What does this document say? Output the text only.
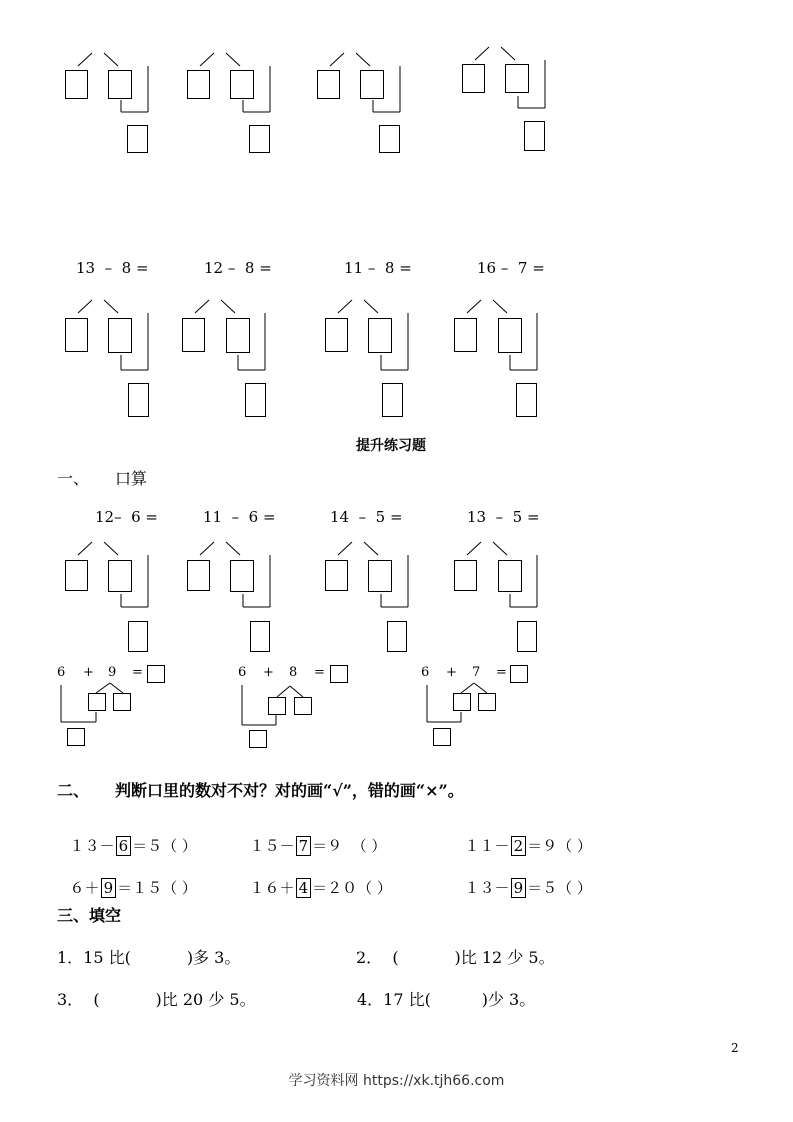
13  –  8 =	12 –  8 =	11 –  8 =	16 –  7 =
提升练习题
一、 口算
12–  6 =	11  –  6 =	14  –  5 =	13  –  5 =
6 + 9 =	6 + 8 =	6 + 7 =
二、 判断口里的数对不对？对的画“√”，错的画“×”。

１３－ 6 ＝５（ ）	１５－ 7 ＝９  （ ）	１１－ 2 ＝９（ ）

６＋ 9 ＝１５（ ）	１６＋ 4 ＝２０（ ）	１３－ 9 ＝５（ ）

三、填空
1．15 比(           )多 3。	2．  (           )比 12 少 5。
3．  (           )比 20 少 5。	4．17 比(          )少 3。
2
学习资料网 https://xk.tjh66.com
